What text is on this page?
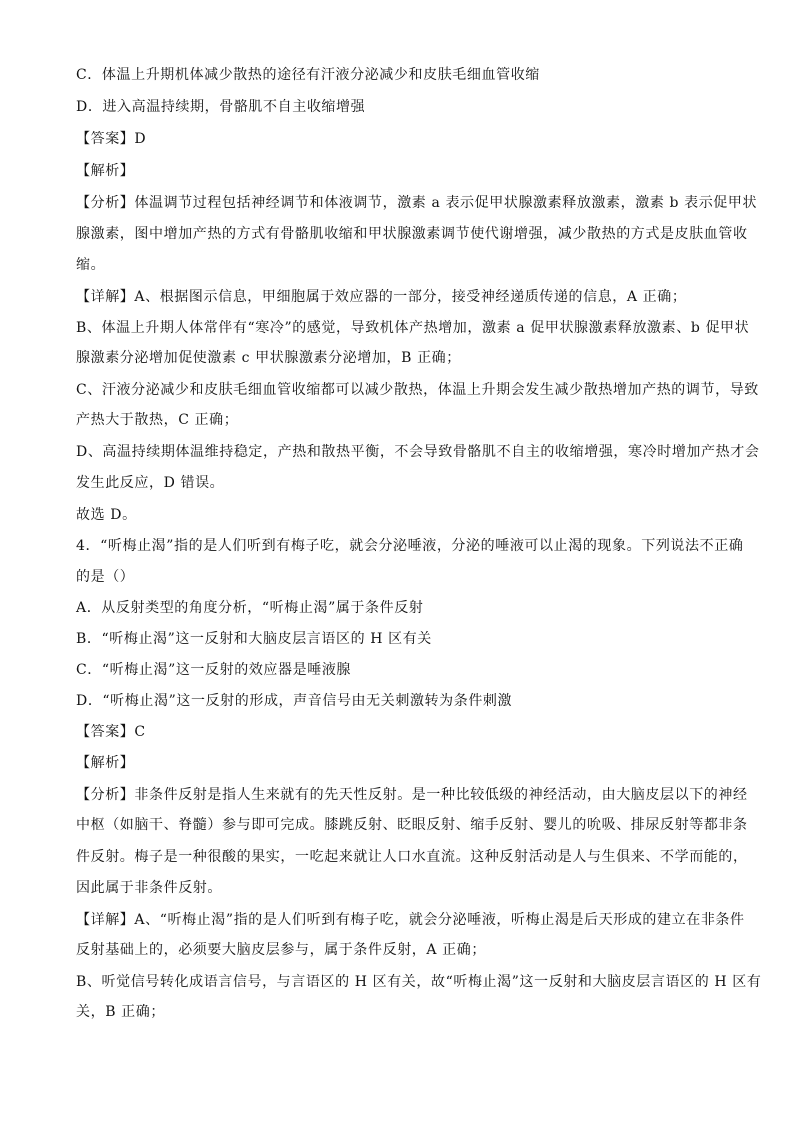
C．体温上升期机体减少散热的途径有汗液分泌减少和皮肤毛细血管收缩
D．进入高温持续期，骨骼肌不自主收缩增强
【答案】D
【解析】
【分析】体温调节过程包括神经调节和体液调节，激素 a 表示促甲状腺激素释放激素，激素 b 表示促甲状
腺激素，图中增加产热的方式有骨骼肌收缩和甲状腺激素调节使代谢增强，减少散热的方式是皮肤血管收
缩。
【详解】A、根据图示信息，甲细胞属于效应器的一部分，接受神经递质传递的信息，A 正确；
B、体温上升期人体常伴有“寒冷”的感觉，导致机体产热增加，激素 a 促甲状腺激素释放激素、b 促甲状
腺激素分泌增加促使激素 c 甲状腺激素分泌增加，B 正确；
C、汗液分泌减少和皮肤毛细血管收缩都可以减少散热，体温上升期会发生减少散热增加产热的调节，导致
产热大于散热，C 正确；
D、高温持续期体温维持稳定，产热和散热平衡，不会导致骨骼肌不自主的收缩增强，寒冷时增加产热才会
发生此反应，D 错误。
故选 D。
4．“听梅止渴”指的是人们听到有梅子吃，就会分泌唾液，分泌的唾液可以止渴的现象。下列说法不正确
的是（）
A．从反射类型的角度分析，“听梅止渴”属于条件反射
B．“听梅止渴”这一反射和大脑皮层言语区的 H 区有关
C．“听梅止渴”这一反射的效应器是唾液腺
D．“听梅止渴”这一反射的形成，声音信号由无关刺激转为条件刺激
【答案】C
【解析】
【分析】非条件反射是指人生来就有的先天性反射。是一种比较低级的神经活动，由大脑皮层以下的神经
中枢（如脑干、脊髓）参与即可完成。膝跳反射、眨眼反射、缩手反射、婴儿的吮吸、排尿反射等都非条
件反射。梅子是一种很酸的果实，一吃起来就让人口水直流。这种反射活动是人与生俱来、不学而能的，
因此属于非条件反射。
【详解】A、“听梅止渴”指的是人们听到有梅子吃，就会分泌唾液，听梅止渴是后天形成的建立在非条件
反射基础上的，必须要大脑皮层参与，属于条件反射，A 正确；
B、听觉信号转化成语言信号，与言语区的 H 区有关，故“听梅止渴”这一反射和大脑皮层言语区的 H 区有
关，B 正确；
